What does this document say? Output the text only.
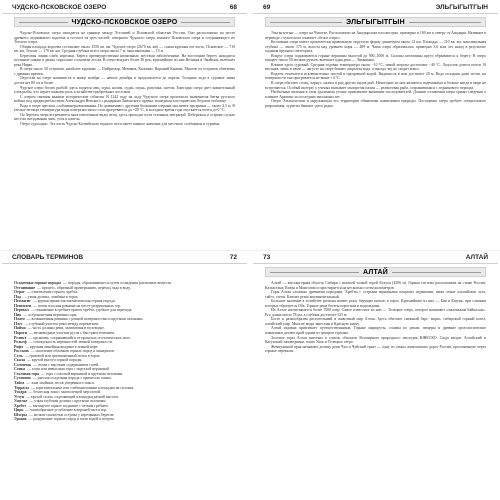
ЧУДСКО-ПСКОВСКОЕ ОЗЕРО	68
ЧУДСКО-ПСКОВСКОЕ ОЗЕРО

Чудско-Псковское озеро находится на границе между Эстонией и Псковской областью России. Оно расположено на месте древнего ледникового водоема и состоит из трех частей: северного Чудского озера, южного Псковского озера и соединяющего их Теплого озера.

Общая площадь водоема составляет около 3550 кв. км. Чудское озеро (2670 кв. км) — самая крупная его часть, Псковское — 710 кв. км, Теплое — 170 кв. км. Средняя глубина всего озера около 7 м, максимальная — 15 м.

Береговая линия слабо изрезана. Берега преимущественно низменные, местами заболоченные. На восточном берегу находятся песчаные пляжи и дюны, поросшие сосновым лесом. В озеро впадает более 30 рек, крупнейшие из них Великая и Эмайыги, вытекает река Нарва.

В озере около 30 островов, наиболее крупные — Пийрисаар, Мевиков, Колпино, Вороний Камень. Многие из островов обитаемы с древних времен.

Ледостав на озере начинается в конце ноября — начале декабря и продолжается до апреля. Толщина льда в суровые зимы достигает 80 см и более.

Чудское озеро богато рыбой: здесь водятся лещ, щука, налим, судак, окунь, ряпушка, снеток. Ежегодно озеро дает значительный улов рыбы, что играет важную роль в хозяйстве прибрежных поселков.

С озером связаны важные исторические события. В 1242 году на льду Чудского озера произошла знаменитая битва русского войска под предводительством Александра Невского с рыцарями Ливонского ордена, вошедшая в историю как Ледовое побоище.

Вода в озере пресная, слабоминерализованная. По сравнению с другими большими озерами она менее прозрачна — около 2,5 м. В теплые месяцы температура воды поверхностного слоя прогревается до +20 °С, в холодное время года опускается почти до 0 °С.

По берегам озера встречаются многочисленные виды птиц, здесь проходят пути сезонных миграций. Побережья и острова служат местом гнездования чаек, уток и цапель.

Озеро судоходно. Эта часть Чудско-Балтийского водного пути имеет важное значение для местного сообщения и туризма.

69	ЭЛЬГЫГЫТГЫН
ЭЛЬГЫГЫТГЫН

Эльгыгытгын — озеро на Чукотке. Расположено на Анадырском плоскогорье, примерно в 100 км к северу от Анадыря. Название в переводе с чукотского означает «белое озеро».

Котловина озера имеет практически правильную округлую форму диаметром около 12 км. Площадь — 110 кв. км, максимальная глубина — около 175 м, высота над уровнем моря — 489 м. Чаша озера образовалась примерно 3,6 млн лет назад в результате падения крупного метеорита.

Вокруг озера поднимаются горные вершины высотой до 900–1000 м. Склоны котловины круто обрываются к берегу. В озеро впадает около 50 мелких ручьев, вытекает одна река — Энмываам.

Климат здесь суровый. Средняя годовая температура около −10 °С, зимой морозы достигают −40 °С. Ледостав длится почти 10 месяцев, лишь в июле — августе на озере бывает открытая вода, а иногда лед не сходит вовсе.

Водоем отличается исключительно чистой и прозрачной водой. Видимость в нем достигает 20 м. Вода холодная даже летом, на поверхности она прогревается не выше +4 °С.

В озере обитают голец, хариус, налим и ряд других видов рыб. Некоторые из них являются эндемиками и больше нигде в мире не встречаются. Особый интерес у ученых вызывает малоротая палия — реликтовая рыба, сохранившаяся с ледникового периода.

Необычные явления в этом удаленном уголке привлекают внимание исследователей. Донные отложения озера хранят сведения о климате Арктики за последние миллионы лет.

Озеро Эльгыгытгын и окружающая его территория объявлены памятником природы. Посещение озера требует специального разрешения, туристы бывают здесь редко.

СЛОВАРЬ ТЕРМИНОВ	72
Осадочные горные породы — породы, образовавшиеся путем осаждения различных веществ.
Оттаивание — процесс, обратный промерзанию, переход льда в воду.
Отрог — ответвление горного хребта.
Пад — узкая долина, ложбина в горах.
Пегматит — крупнозернистая магматическая горная порода.
Пенеплен — почти плоская равнина на месте разрушенных гор.
Перевал — понижение в гребне горного хребта, удобное для перехода.
Пик — остроконечная вершина горы.
Плато — возвышенная равнина с ровной поверхностью и крутыми склонами.
Плес — глубокий участок реки между перекатами.
Пойма — часть долины реки, заливаемая в половодье.
Пороги — мелководные участки русла с быстрым течением.
Реликт — организм, сохранившийся от прошлых геологических эпох.
Рельеф — совокупность неровностей земной поверхности.
Рифт — крупная линейная впадина в земной коре.
Россыпь — скопление обломков горных пород и минералов.
Сель — грязевой или грязекаменный поток в горах.
Скала — крутой выступ горной породы.
Солончак — почва с высоким содержанием солей.
Сопка — холм или невысокая гора с округлой вершиной.
Столовая гора — гора с плоской вершиной и крутыми склонами.
Суглинок — рыхлая осадочная порода с примесью глины.
Тайга — зона хвойных лесов умеренного пояса.
Террасы — горизонтальные или слабонаклонные площадки на склонах.
Тундра — безлесная зона с многолетней мерзлотой.
Уступ — крутой склон, отделяющий площадки разной высоты.
Ущелье — узкая глубокая долина с крутыми склонами.
Хребет — вытянутое горное поднятие с четким гребнем.
Цирк — чашеобразное углубление в верхней части гор.
Шхеры — мелкие скалистые острова у изрезанных берегов.
Эрозия — разрушение горных пород и почв водой и ветром.
73	АЛТАЙ
АЛТАЙ

Алтай — высокогорная область Сибири с высшей точкой горой Белуха (4506 м). Горная система расположена на стыке России, Казахстана, Китая и Монголии и простирается на несколько сотен километров.

Горы Алтая сложены древними породами. Хребты с острыми вершинами покрыты ледниками, ниже лежат альпийские луга, тайга, степи. Климат резко континентальный.

Большое значение в хозяйстве региона имеют реки, берущие начало в горах. Крупнейшие из них — Бия и Катунь, при слиянии которых образуется Обь. Горные реки богаты порогами и водопадами.

На Алтае насчитывается более 7000 озер. Самое известное из них — Телецкое озеро, которое называют «маленьким Байкалом». Его длина около 78 км, а глубина достигает 325 м.

Богат и разнообразен растительный и животный мир Алтая. Здесь обитают снежный барс, марал, сибирский горный козел, алтайский улар. Многие виды занесены в Красную книгу.

Алтай издавна привлекает путешественников. Горные маршруты, сплавы по рекам, пещеры и древние археологические памятники делают край одним из центров туризма.

Золотые горы Алтая внесены в список объектов Всемирного природного наследия ЮНЕСКО. Сюда входят Алтайский и Катунский заповедники, плато Укок и Телецкое озеро.

Жемчужиной края называют долину реки Чуи и Чуйский тракт — одну из самых живописных дорог России, проложенную через горные перевалы.
